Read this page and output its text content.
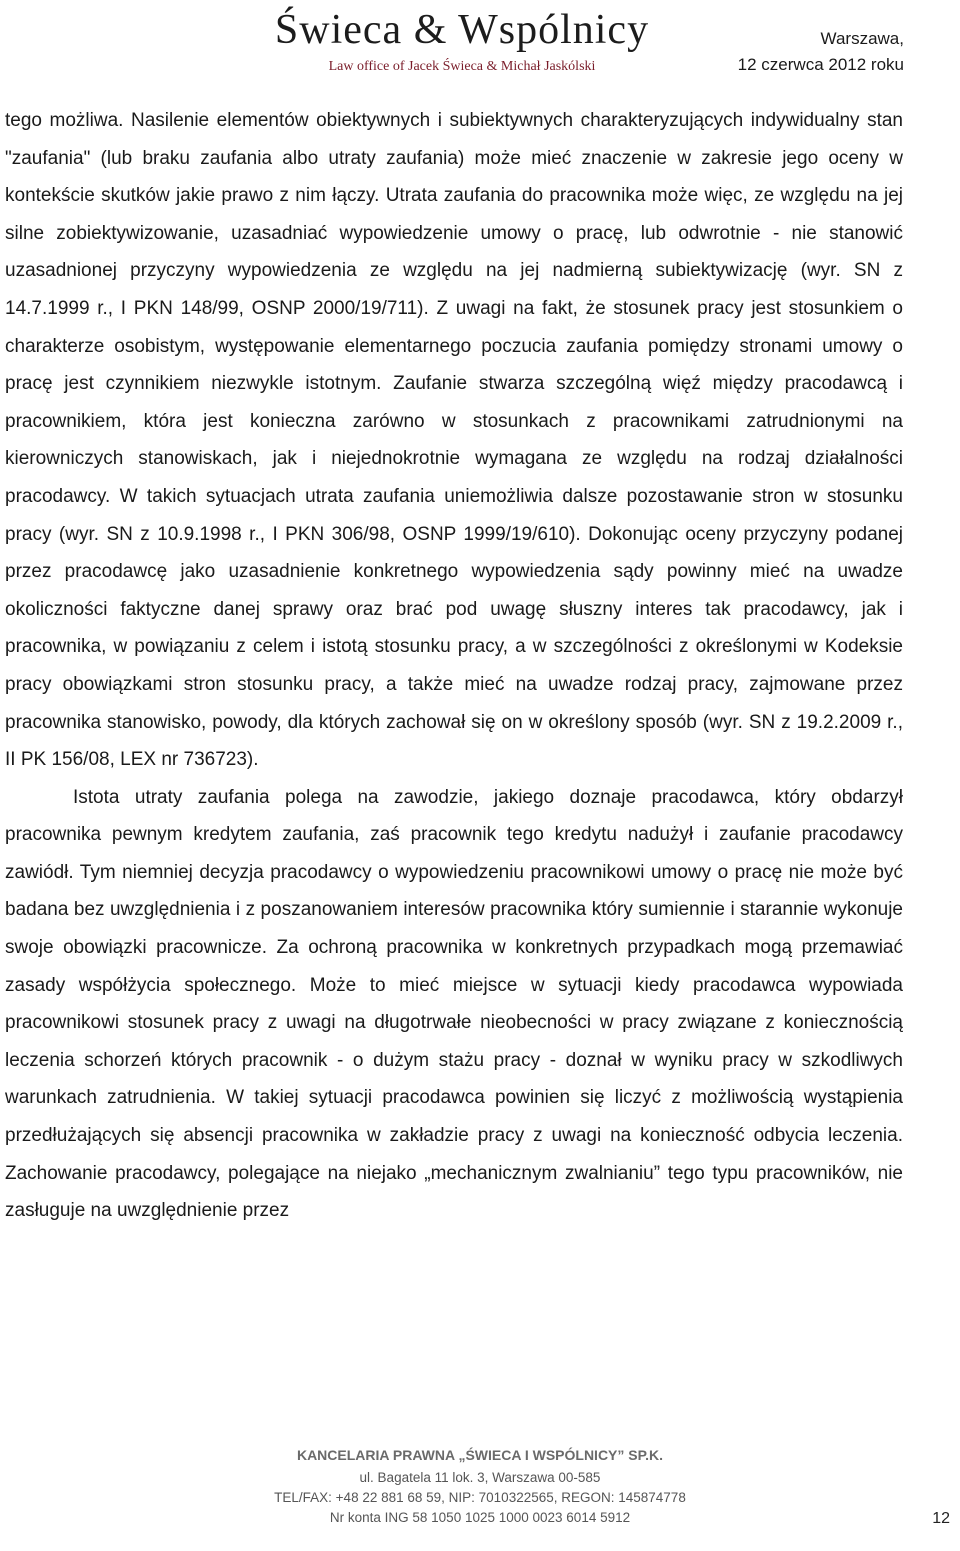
Świeca & Wspólnicy
Law office of Jacek Świeca & Michał Jaskólski
Warszawa,
12 czerwca 2012 roku

tego możliwa. Nasilenie elementów obiektywnych i subiektywnych charakteryzujących indywidualny stan "zaufania" (lub braku zaufania albo utraty zaufania) może mieć znaczenie w zakresie jego oceny w kontekście skutków jakie prawo z nim łączy. Utrata zaufania do pracownika może więc, ze względu na jej silne zobiektywizowanie, uzasadniać wypowiedzenie umowy o pracę, lub odwrotnie - nie stanowić uzasadnionej przyczyny wypowiedzenia ze względu na jej nadmierną subiektywizację (wyr. SN z 14.7.1999 r., I PKN 148/99, OSNP 2000/19/711). Z uwagi na fakt, że stosunek pracy jest stosunkiem o charakterze osobistym, występowanie elementarnego poczucia zaufania pomiędzy stronami umowy o pracę jest czynnikiem niezwykle istotnym. Zaufanie stwarza szczególną więź między pracodawcą i pracownikiem, która jest konieczna zarówno w stosunkach z pracownikami zatrudnionymi na kierowniczych stanowiskach, jak i niejednokrotnie wymagana ze względu na rodzaj działalności pracodawcy. W takich sytuacjach utrata zaufania uniemożliwia dalsze pozostawanie stron w stosunku pracy (wyr. SN z 10.9.1998 r., I PKN 306/98, OSNP 1999/19/610). Dokonując oceny przyczyny podanej przez pracodawcę jako uzasadnienie konkretnego wypowiedzenia sądy powinny mieć na uwadze okoliczności faktyczne danej sprawy oraz brać pod uwagę słuszny interes tak pracodawcy, jak i pracownika, w powiązaniu z celem i istotą stosunku pracy, a w szczególności z określonymi w Kodeksie pracy obowiązkami stron stosunku pracy, a także mieć na uwadze rodzaj pracy, zajmowane przez pracownika stanowisko, powody, dla których zachował się on w określony sposób (wyr. SN z 19.2.2009 r., II PK 156/08, LEX nr 736723).

Istota utraty zaufania polega na zawodzie, jakiego doznaje pracodawca, który obdarzył pracownika pewnym kredytem zaufania, zaś pracownik tego kredytu nadużył i zaufanie pracodawcy zawiódł. Tym niemniej decyzja pracodawcy o wypowiedzeniu pracownikowi umowy o pracę nie może być badana bez uwzględnienia i z poszanowaniem interesów pracownika który sumiennie i starannie wykonuje swoje obowiązki pracownicze. Za ochroną pracownika w konkretnych przypadkach mogą przemawiać zasady współżycia społecznego. Może to mieć miejsce w sytuacji kiedy pracodawca wypowiada pracownikowi stosunek pracy z uwagi na długotrwałe nieobecności w pracy związane z koniecznością leczenia schorzeń których pracownik - o dużym stażu pracy - doznał w wyniku pracy w szkodliwych warunkach zatrudnienia. W takiej sytuacji pracodawca powinien się liczyć z możliwością wystąpienia przedłużających się absencji pracownika w zakładzie pracy z uwagi na konieczność odbycia leczenia. Zachowanie pracodawcy, polegające na niejako „mechanicznym zwalnianiu” tego typu pracowników, nie zasługuje na uwzględnienie przez

KANCELARIA PRAWNA „ŚWIECA I WSPÓLNICY” SP.K.
ul. Bagatela 11 lok. 3, Warszawa 00-585
TEL/FAX: +48 22 881 68 59, NIP: 7010322565, REGON: 145874778
Nr konta ING 58 1050 1025 1000 0023 6014 5912	12
